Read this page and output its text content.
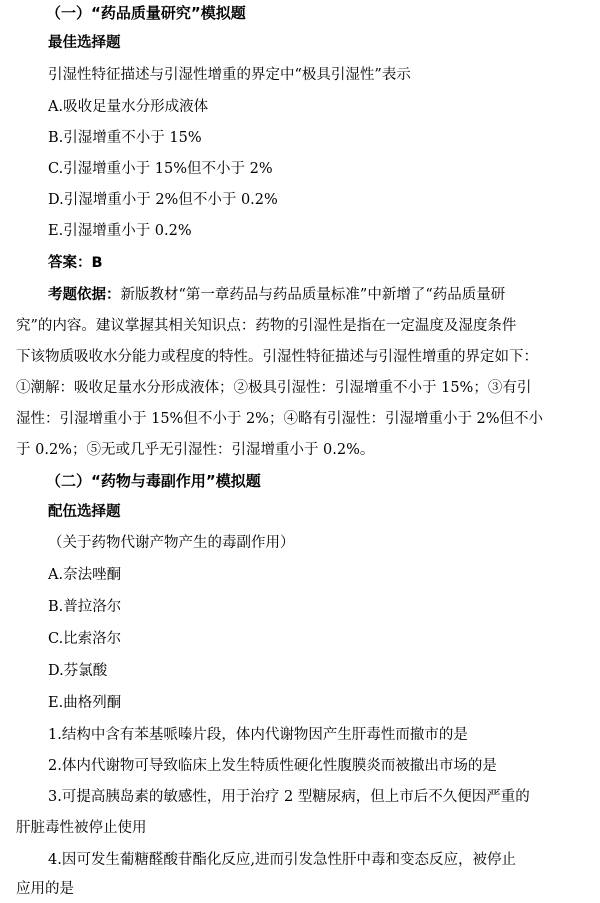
（一）“药品质量研究”模拟题
最佳选择题
引湿性特征描述与引湿性增重的界定中“极具引湿性”表示
A.吸收足量水分形成液体
B.引湿增重不小于 15%
C.引湿增重小于 15%但不小于 2%
D.引湿增重小于 2%但不小于 0.2%
E.引湿增重小于 0.2%
答案：B
考题依据：新版教材“第一章药品与药品质量标准”中新增了“药品质量研
究”的内容。建议掌握其相关知识点：药物的引湿性是指在一定温度及湿度条件
下该物质吸收水分能力或程度的特性。引湿性特征描述与引湿性增重的界定如下：
①潮解：吸收足量水分形成液体；②极具引湿性：引湿增重不小于 15%；③有引
湿性：引湿增重小于 15%但不小于 2%；④略有引湿性：引湿增重小于 2%但不小
于 0.2%；⑤无或几乎无引湿性：引湿增重小于 0.2%。
（二）“药物与毒副作用”模拟题
配伍选择题
（关于药物代谢产物产生的毒副作用）
A.奈法唑酮
B.普拉洛尔
C.比索洛尔
D.芬氯酸
E.曲格列酮
1.结构中含有苯基哌嗪片段，体内代谢物因产生肝毒性而撤市的是
2.体内代谢物可导致临床上发生特质性硬化性腹膜炎而被撤出市场的是
3.可提高胰岛素的敏感性，用于治疗 2 型糖尿病，但上市后不久便因严重的
肝脏毒性被停止使用
4.因可发生葡糖醛酸苷酯化反应,进而引发急性肝中毒和变态反应，被停止
应用的是
